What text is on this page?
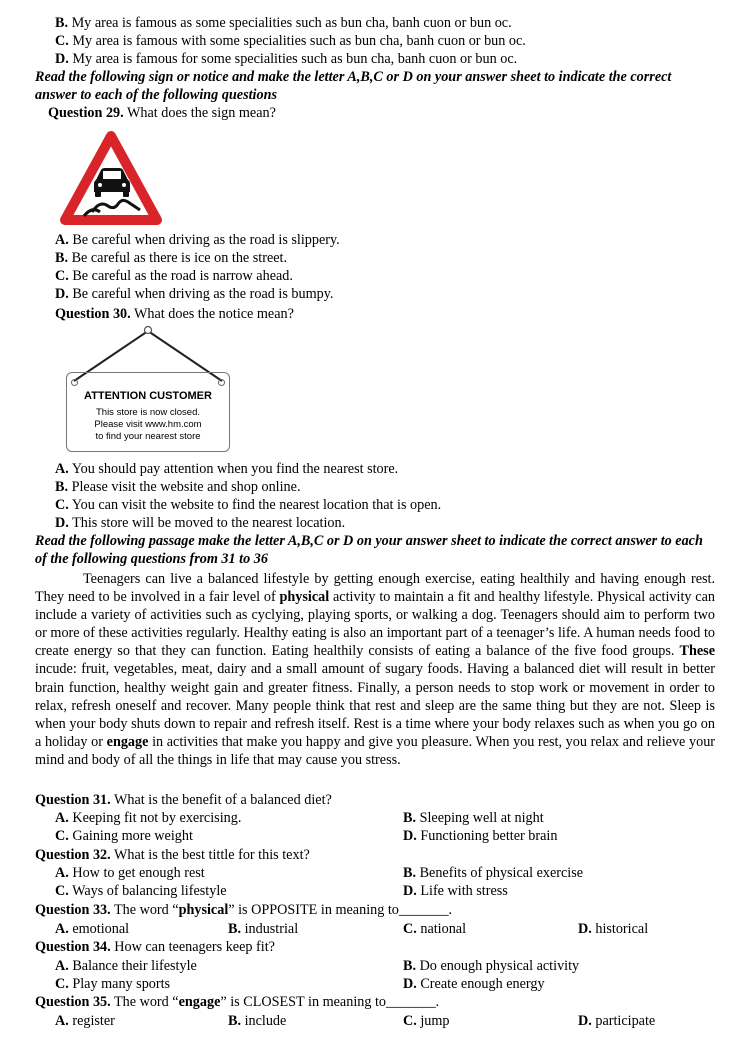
B. My area is famous as some specialities such as bun cha, banh cuon or bun oc.
C. My area is famous with some specialities such as bun cha, banh cuon or bun oc.
D. My area is famous for some specialities such as bun cha, banh cuon or bun oc.
Read the following sign or notice and make the letter A,B,C or D on your answer sheet to indicate the correct answer to each of the following questions
Question 29. What does the sign mean?
A. Be careful when driving as the road is slippery.
B. Be careful as there is ice on the street.
C. Be careful as the road is narrow ahead.
D. Be careful when driving as the road is bumpy.
Question 30. What does the notice mean?
ATTENTION CUSTOMER
This store is now closed.
Please visit www.hm.com
to find your nearest store
A. You should pay attention when you find the nearest store.
B. Please visit the website and shop online.
C. You can visit the website to find the nearest location that is open.
D. This store will be moved to the nearest location.
Read the following passage make the letter A,B,C or D on your answer sheet to indicate the correct answer to each of the following questions from 31 to 36
Teenagers can live a balanced lifestyle by getting enough exercise, eating healthily and having enough rest. They need to be involved in a fair level of physical activity to maintain a fit and healthy lifestyle. Physical activity can include a variety of activities such as cyclying, playing sports, or walking a dog. Teenagers should aim to perform two or more of these activities regularly. Healthy eating is also an important part of a teenager’s life. A human needs food to create energy so that they can function. Eating healthily consists of eating a balance of the five food groups. These incude: fruit, vegetables, meat, dairy and a small amount of sugary foods. Having a balanced diet will result in better brain function, healthy weight gain and greater fitness. Finally, a person needs to stop work or movement in order to relax, refresh oneself and recover. Many people think that rest and sleep are the same thing but they are not. Sleep is when your body shuts down to repair and refresh itself. Rest is a time where your body relaxes such as when you go on a holiday or engage in activities that make you happy and give you pleasure. When you rest, you relax and relieve your mind and body of all the things in life that may cause you stress.
Question 31. What is the benefit of a balanced diet?
A. Keeping fit not by exercising.	B. Sleeping well at night
C. Gaining more weight	D. Functioning better brain
Question 32. What is the best tittle for this text?
A. How to get enough rest	B. Benefits of physical exercise
C. Ways of balancing lifestyle	D. Life with stress
Question 33. The word “physical” is OPPOSITE in meaning to_______.
A. emotional	B. industrial	C. national	D. historical
Question 34. How can teenagers keep fit?
A. Balance their lifestyle	B. Do enough physical activity
C. Play many sports	D. Create enough energy
Question 35. The word “engage” is CLOSEST in meaning to_______.
A. register	B. include	C. jump	D. participate
